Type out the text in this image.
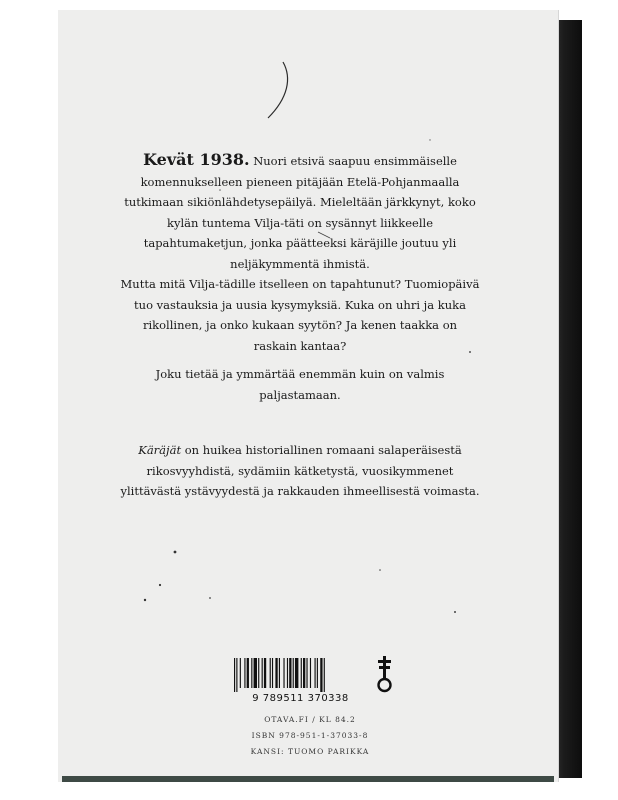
Kevät 1938. Nuori etsivä saapuu ensimmäiselle komennukselleen pieneen pitäjään Etelä-Pohjanmaalla tutkimaan sikiönlähdetysepäilyä. Mieleltään järkkynyt, koko kylän tuntema Vilja-täti on sysännyt liikkeelle tapahtumaketjun, jonka päätteeksi käräjille joutuu yli neljäkymmentä ihmistä.

Mutta mitä Vilja-tädille itselleen on tapahtunut? Tuomiopäivä tuo vastauksia ja uusia kysymyksiä. Kuka on uhri ja kuka rikollinen, ja onko kukaan syytön? Ja kenen taakka on raskain kantaa?

Joku tietää ja ymmärtää enemmän kuin on valmis paljastamaan.

Käräjät on huikea historiallinen romaani salaperäisestä rikosvyyhdistä, sydämiin kätketystä, vuosikymmenet ylittävästä ystävyydestä ja rakkauden ihmeellisestä voimasta.

9 789511 370338
OTAVA.FI / KL 84.2
ISBN 978-951-1-37033-8
KANSI: TUOMO PARIKKA
